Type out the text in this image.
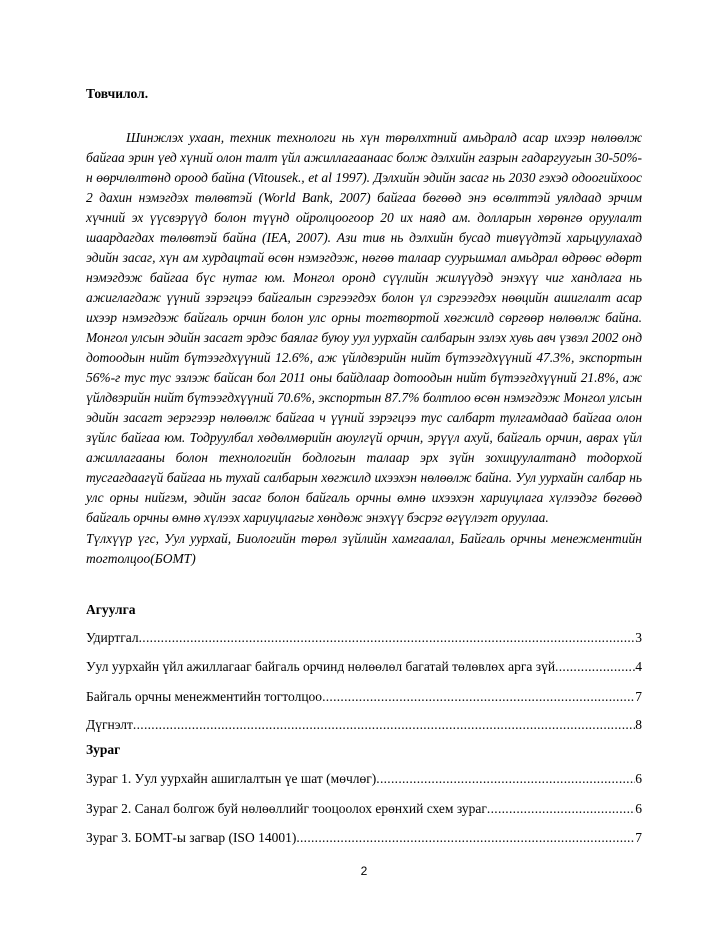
Товчилол.
Шинжлэх ухаан, техник технологи нь хүн төрөлхтний амьдралд асар ихээр нөлөөлж байгаа эрин үед хүний олон талт үйл ажиллагаанаас болж дэлхийн газрын гадаргуугын 30-50%-н өөрчлөлтөнд ороод байна (Vitousek., et al 1997). Дэлхийн эдийн засаг нь 2030 гэхэд одоогийхоос 2 дахин нэмэгдэх төлөвтэй (World Bank, 2007) байгаа бөгөөд энэ өсөлттэй уялдаад эрчим хүчний эх үүсвэрүүд болон түүнд ойролцоогоор 20 их наяд ам. долларын хөрөнгө оруулалт шаардагдах төлөвтэй байна (IEA, 2007). Ази тив нь дэлхийн бусад тивүүдтэй харьцуулахад эдийн засаг, хүн ам хурдацтай өсөн нэмэгдэж, нөгөө талаар суурьшмал амьдрал өдрөөс өдөрт нэмэгдэж байгаа бүс нутаг юм. Монгол оронд сүүлийн жилүүдэд энэхүү чиг хандлага нь ажиглагдаж үүний зэрэгцээ байгалын сэргээгдэх болон үл сэргээгдэх нөөцийн ашиглалт асар ихээр нэмэгдэж байгаль орчин болон улс орны тогтвортой хөгжилд сөргөөр нөлөөлж байна. Монгол улсын эдийн засагт эрдэс баялаг буюу уул уурхайн салбарын эзлэх хувь авч үзвэл 2002 онд дотоодын нийт бүтээгдхүүний 12.6%, аж үйлдвэрийн нийт бүтээгдхүүний 47.3%, экспортын 56%-г тус тус эзлэж байсан бол 2011 оны байдлаар дотоодын нийт бүтээгдхүүний 21.8%, аж үйлдвэрийн нийт бүтээгдхүүний 70.6%, экспортын 87.7% болтлоо өсөн нэмэгдэж Монгол улсын эдийн засагт эерэгээр нөлөөлж байгаа ч үүний зэрэгцээ тус салбарт тулгамдаад байгаа олон зүйлс байгаа юм. Тодруулбал хөдөлмөрийн аюулгүй орчин, эрүүл ахуй, байгаль орчин, аврах үйл ажиллагааны болон технологийн бодлогын талаар эрх зүйн зохицуулалтанд тодорхой тусгагдаагүй байгаа нь тухай салбарын хөгжилд ихээхэн нөлөөлж байна. Уул уурхайн салбар нь улс орны нийгэм, эдийн засаг болон байгаль орчны өмнө ихээхэн хариуцлага хүлээдэг бөгөөд байгаль орчны өмнө хүлээх хариуцлагыг хөндөж энэхүү бэсрэг өгүүлэгт оруулаа.
Түлхүүр үгс, Уул уурхай, Биологийн төрөл зүйлийн хамгаалал, Байгаль орчны менежментийн тогтолцоо(БОМТ)
Агуулга
Удиртгал .....	3
Уул уурхайн үйл ажиллагааг байгаль орчинд нөлөөлөл багатай төлөвлөх арга зүй .....	4
Байгаль орчны менежментийн тогтолцоо .....	7
Дүгнэлт .....	8
Зураг
Зураг 1. Уул уурхайн ашиглалтын үе шат (мөчлөг) .....	6
Зураг 2. Санал болгож буй нөлөөллийг тооцоолох ерөнхий схем зураг .....	6
Зураг 3. БОМТ-ы загвар (ISO 14001) .....	7
2
